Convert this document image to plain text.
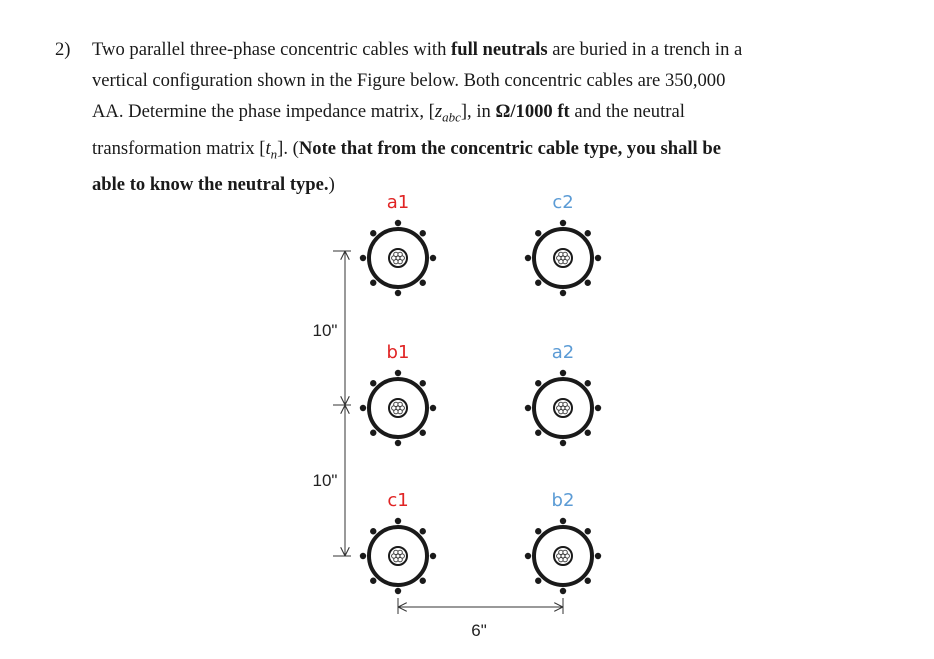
2) Two parallel three-phase concentric cables with full neutrals are buried in a trench in a
vertical configuration shown in the Figure below. Both concentric cables are 350,000
AA. Determine the phase impedance matrix, $[z_{abc}]$, in Ω/1000 ft and the neutral
transformation matrix $[t_n]$. (Note that from the concentric cable type, you shall be
able to know the neutral type.)
a1	c2
b1	a2
c1	b2
10"
10"
6"
